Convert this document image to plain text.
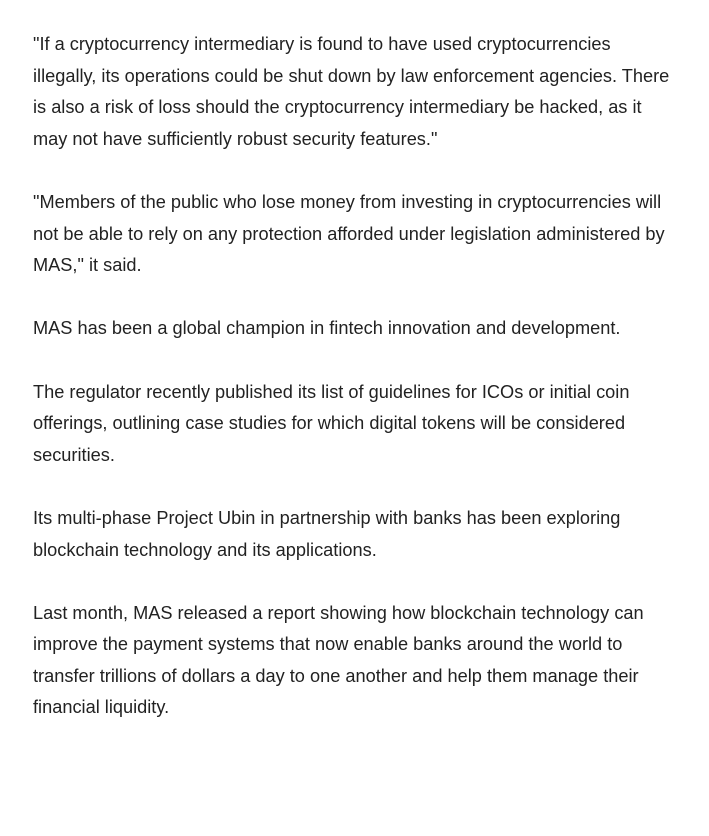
"If a cryptocurrency intermediary is found to have used cryptocurrencies illegally, its operations could be shut down by law enforcement agencies. There is also a risk of loss should the cryptocurrency intermediary be hacked, as it may not have sufficiently robust security features."

"Members of the public who lose money from investing in cryptocurrencies will not be able to rely on any protection afforded under legislation administered by MAS," it said.

MAS has been a global champion in fintech innovation and development.

The regulator recently published its list of guidelines for ICOs or initial coin offerings, outlining case studies for which digital tokens will be considered securities.

Its multi-phase Project Ubin in partnership with banks has been exploring blockchain technology and its applications.

Last month, MAS released a report showing how blockchain technology can improve the payment systems that now enable banks around the world to transfer trillions of dollars a day to one another and help them manage their financial liquidity.
